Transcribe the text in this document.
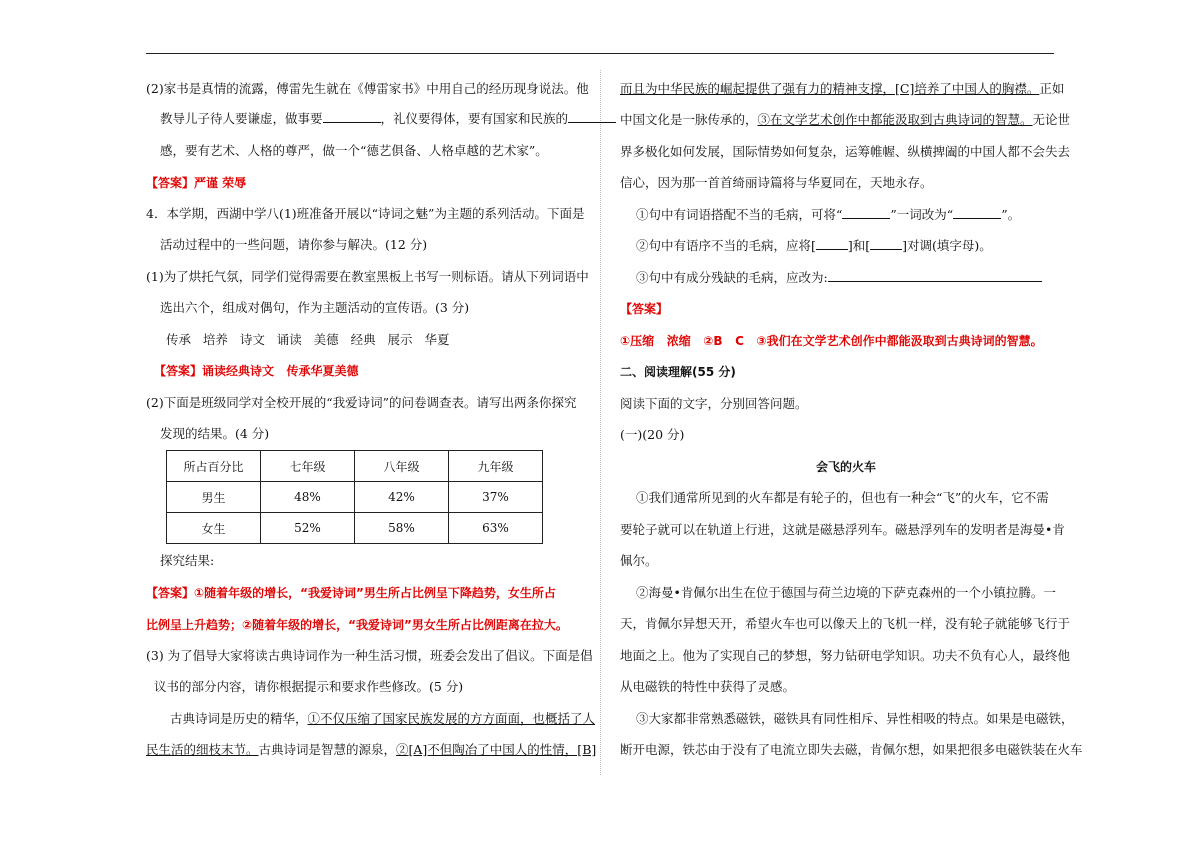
(2)家书是真情的流露，傅雷先生就在《傅雷家书》中用自己的经历现身说法。他
教导儿子待人要谦虚，做事要	，礼仪要得体，要有国家和民族的
感，要有艺术、人格的尊严，做一个“德艺俱备、人格卓越的艺术家”。
【答案】严谨 荣辱
4．本学期，西湖中学八(1)班准备开展以“诗词之魅”为主题的系列活动。下面是
活动过程中的一些问题，请你参与解决。(12 分)
(1)为了烘托气氛，同学们觉得需要在教室黑板上书写一则标语。请从下列词语中
选出六个，组成对偶句，作为主题活动的宣传语。(3 分)
传承   培养   诗文   诵读   美德   经典   展示   华夏
【答案】诵读经典诗文   传承华夏美德
(2)下面是班级同学对全校开展的“我爱诗词”的问卷调查表。请写出两条你探究
发现的结果。(4 分)
所占百分比	七年级	八年级	九年级
男生	48%	42%	37%
女生	52%	58%	63%
探究结果:
【答案】①随着年级的增长，“我爱诗词”男生所占比例呈下降趋势，女生所占
比例呈上升趋势；②随着年级的增长，“我爱诗词”男女生所占比例距离在拉大。
(3) 为了倡导大家将读古典诗词作为一种生活习惯，班委会发出了倡议。下面是倡
议书的部分内容，请你根据提示和要求作些修改。(5 分)
古典诗词是历史的精华，①不仅压缩了国家民族发展的方方面面，也概括了人
民生活的细枝末节。古典诗词是智慧的源泉，②[A]不但陶冶了中国人的性情，[B]
而且为中华民族的崛起提供了强有力的精神支撑，[C]培养了中国人的胸襟。正如
中国文化是一脉传承的，③在文学艺术创作中都能汲取到古典诗词的智慧。无论世
界多极化如何发展，国际情势如何复杂，运筹帷幄、纵横捭阖的中国人都不会失去
信心，因为那一首首绮丽诗篇将与华夏同在，天地永存。
①句中有词语搭配不当的毛病，可将“	”一词改为“	”。
②句中有语序不当的毛病，应将[	]和[	]对调(填字母)。
③句中有成分残缺的毛病，应改为:
【答案】
①压缩   浓缩   ②B   C   ③我们在文学艺术创作中都能汲取到古典诗词的智慧。
二、阅读理解(55 分)
阅读下面的文字，分别回答问题。
(一)(20 分)
会飞的火车
①我们通常所见到的火车都是有轮子的，但也有一种会“飞”的火车，它不需
要轮子就可以在轨道上行进，这就是磁悬浮列车。磁悬浮列车的发明者是海曼•肯
佩尔。
②海曼•肯佩尔出生在位于德国与荷兰边境的下萨克森州的一个小镇拉腾。一
天，肯佩尔异想天开，希望火车也可以像天上的飞机一样，没有轮子就能够飞行于
地面之上。他为了实现自己的梦想，努力钻研电学知识。功夫不负有心人，最终他
从电磁铁的特性中获得了灵感。
③大家都非常熟悉磁铁，磁铁具有同性相斥、异性相吸的特点。如果是电磁铁，
断开电源，铁芯由于没有了电流立即失去磁，肯佩尔想，如果把很多电磁铁装在火车
